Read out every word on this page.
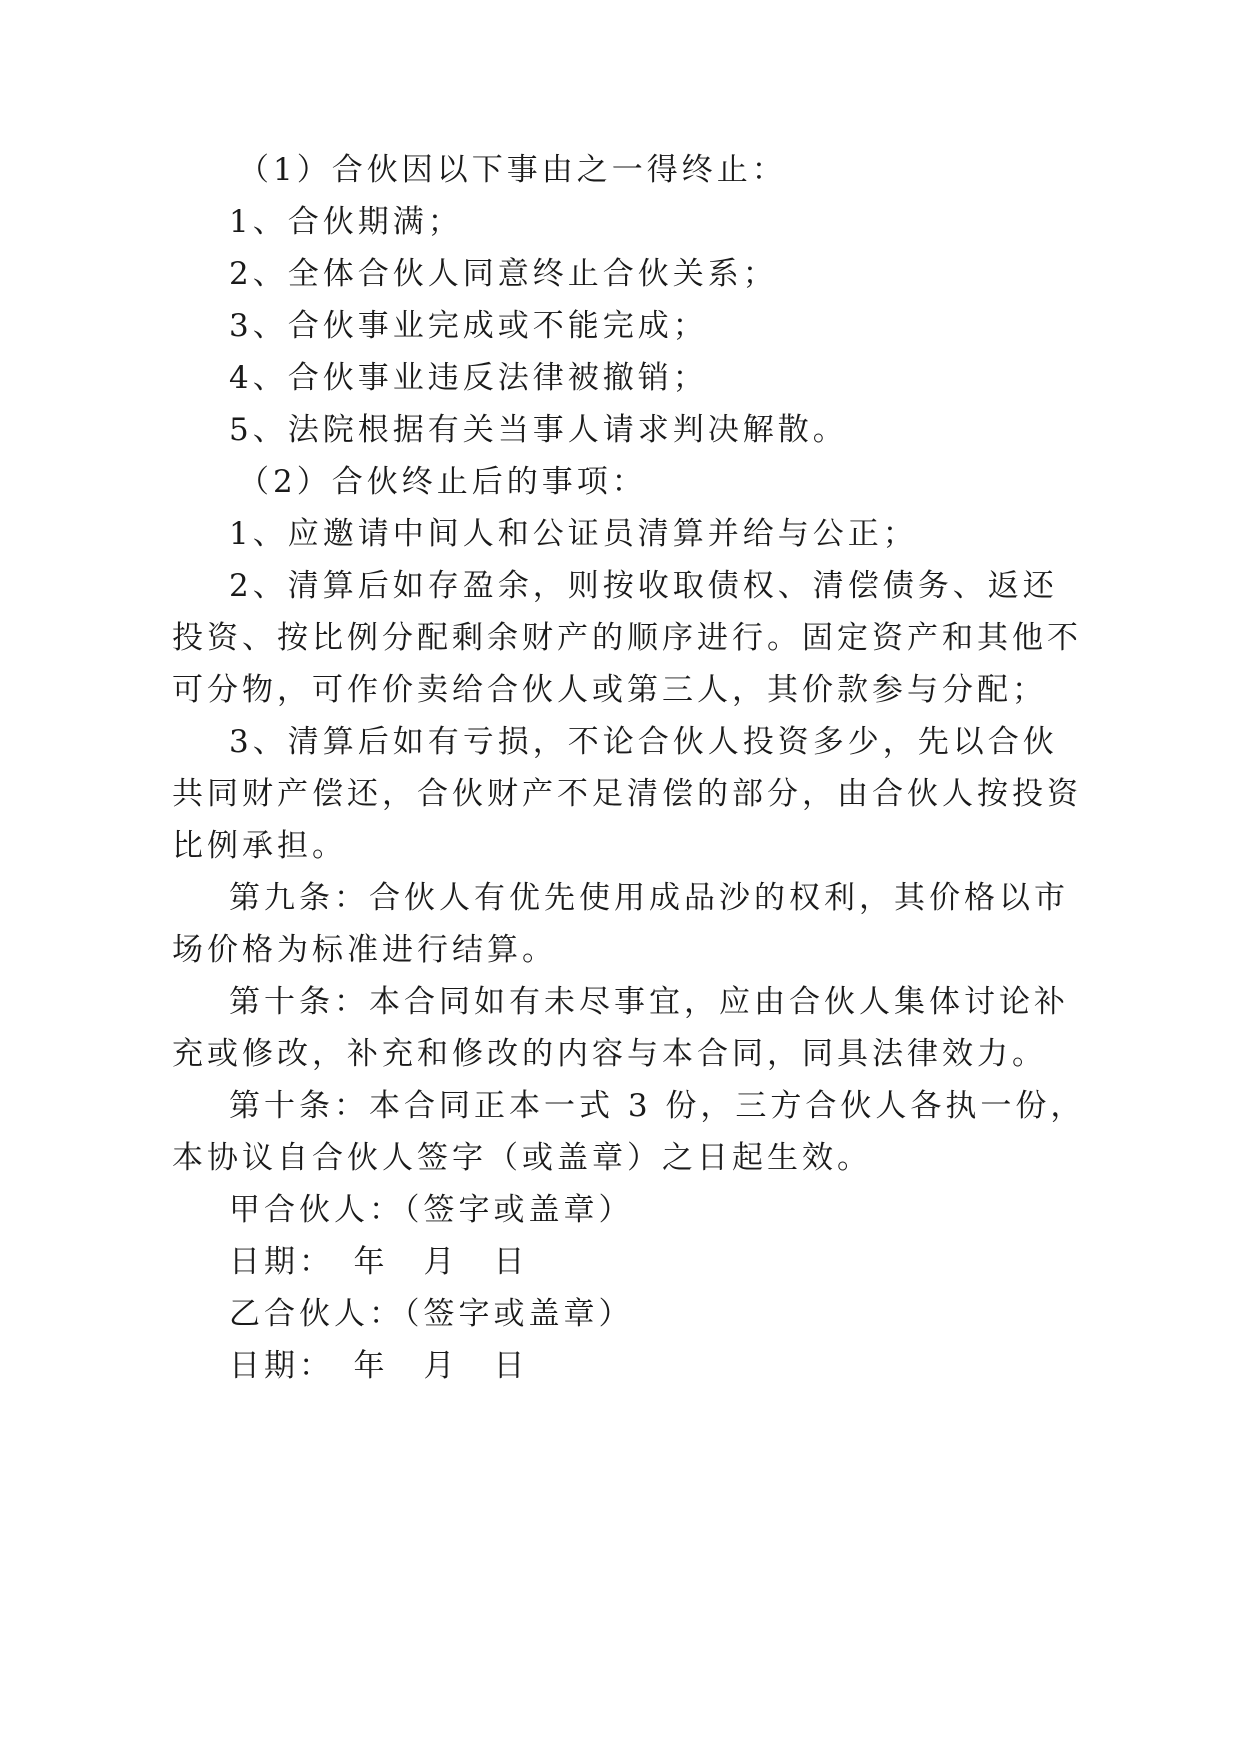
（1）合伙因以下事由之一得终止：
1、合伙期满；
2、全体合伙人同意终止合伙关系；
3、合伙事业完成或不能完成；
4、合伙事业违反法律被撤销；
5、法院根据有关当事人请求判决解散。
（2）合伙终止后的事项：
1、应邀请中间人和公证员清算并给与公正；
2、清算后如存盈余，则按收取债权、清偿债务、返还
投资、按比例分配剩余财产的顺序进行。固定资产和其他不
可分物，可作价卖给合伙人或第三人，其价款参与分配；
3、清算后如有亏损，不论合伙人投资多少，先以合伙
共同财产偿还，合伙财产不足清偿的部分，由合伙人按投资
比例承担。
第九条：合伙人有优先使用成品沙的权利，其价格以市
场价格为标准进行结算。
第十条：本合同如有未尽事宜，应由合伙人集体讨论补
充或修改，补充和修改的内容与本合同，同具法律效力。
第十条：本合同正本一式 3 份，三方合伙人各执一份，
本协议自合伙人签字（或盖章）之日起生效。
甲合伙人：（签字或盖章）
日期：　年　月　日
乙合伙人：（签字或盖章）
日期：　年　月　日
